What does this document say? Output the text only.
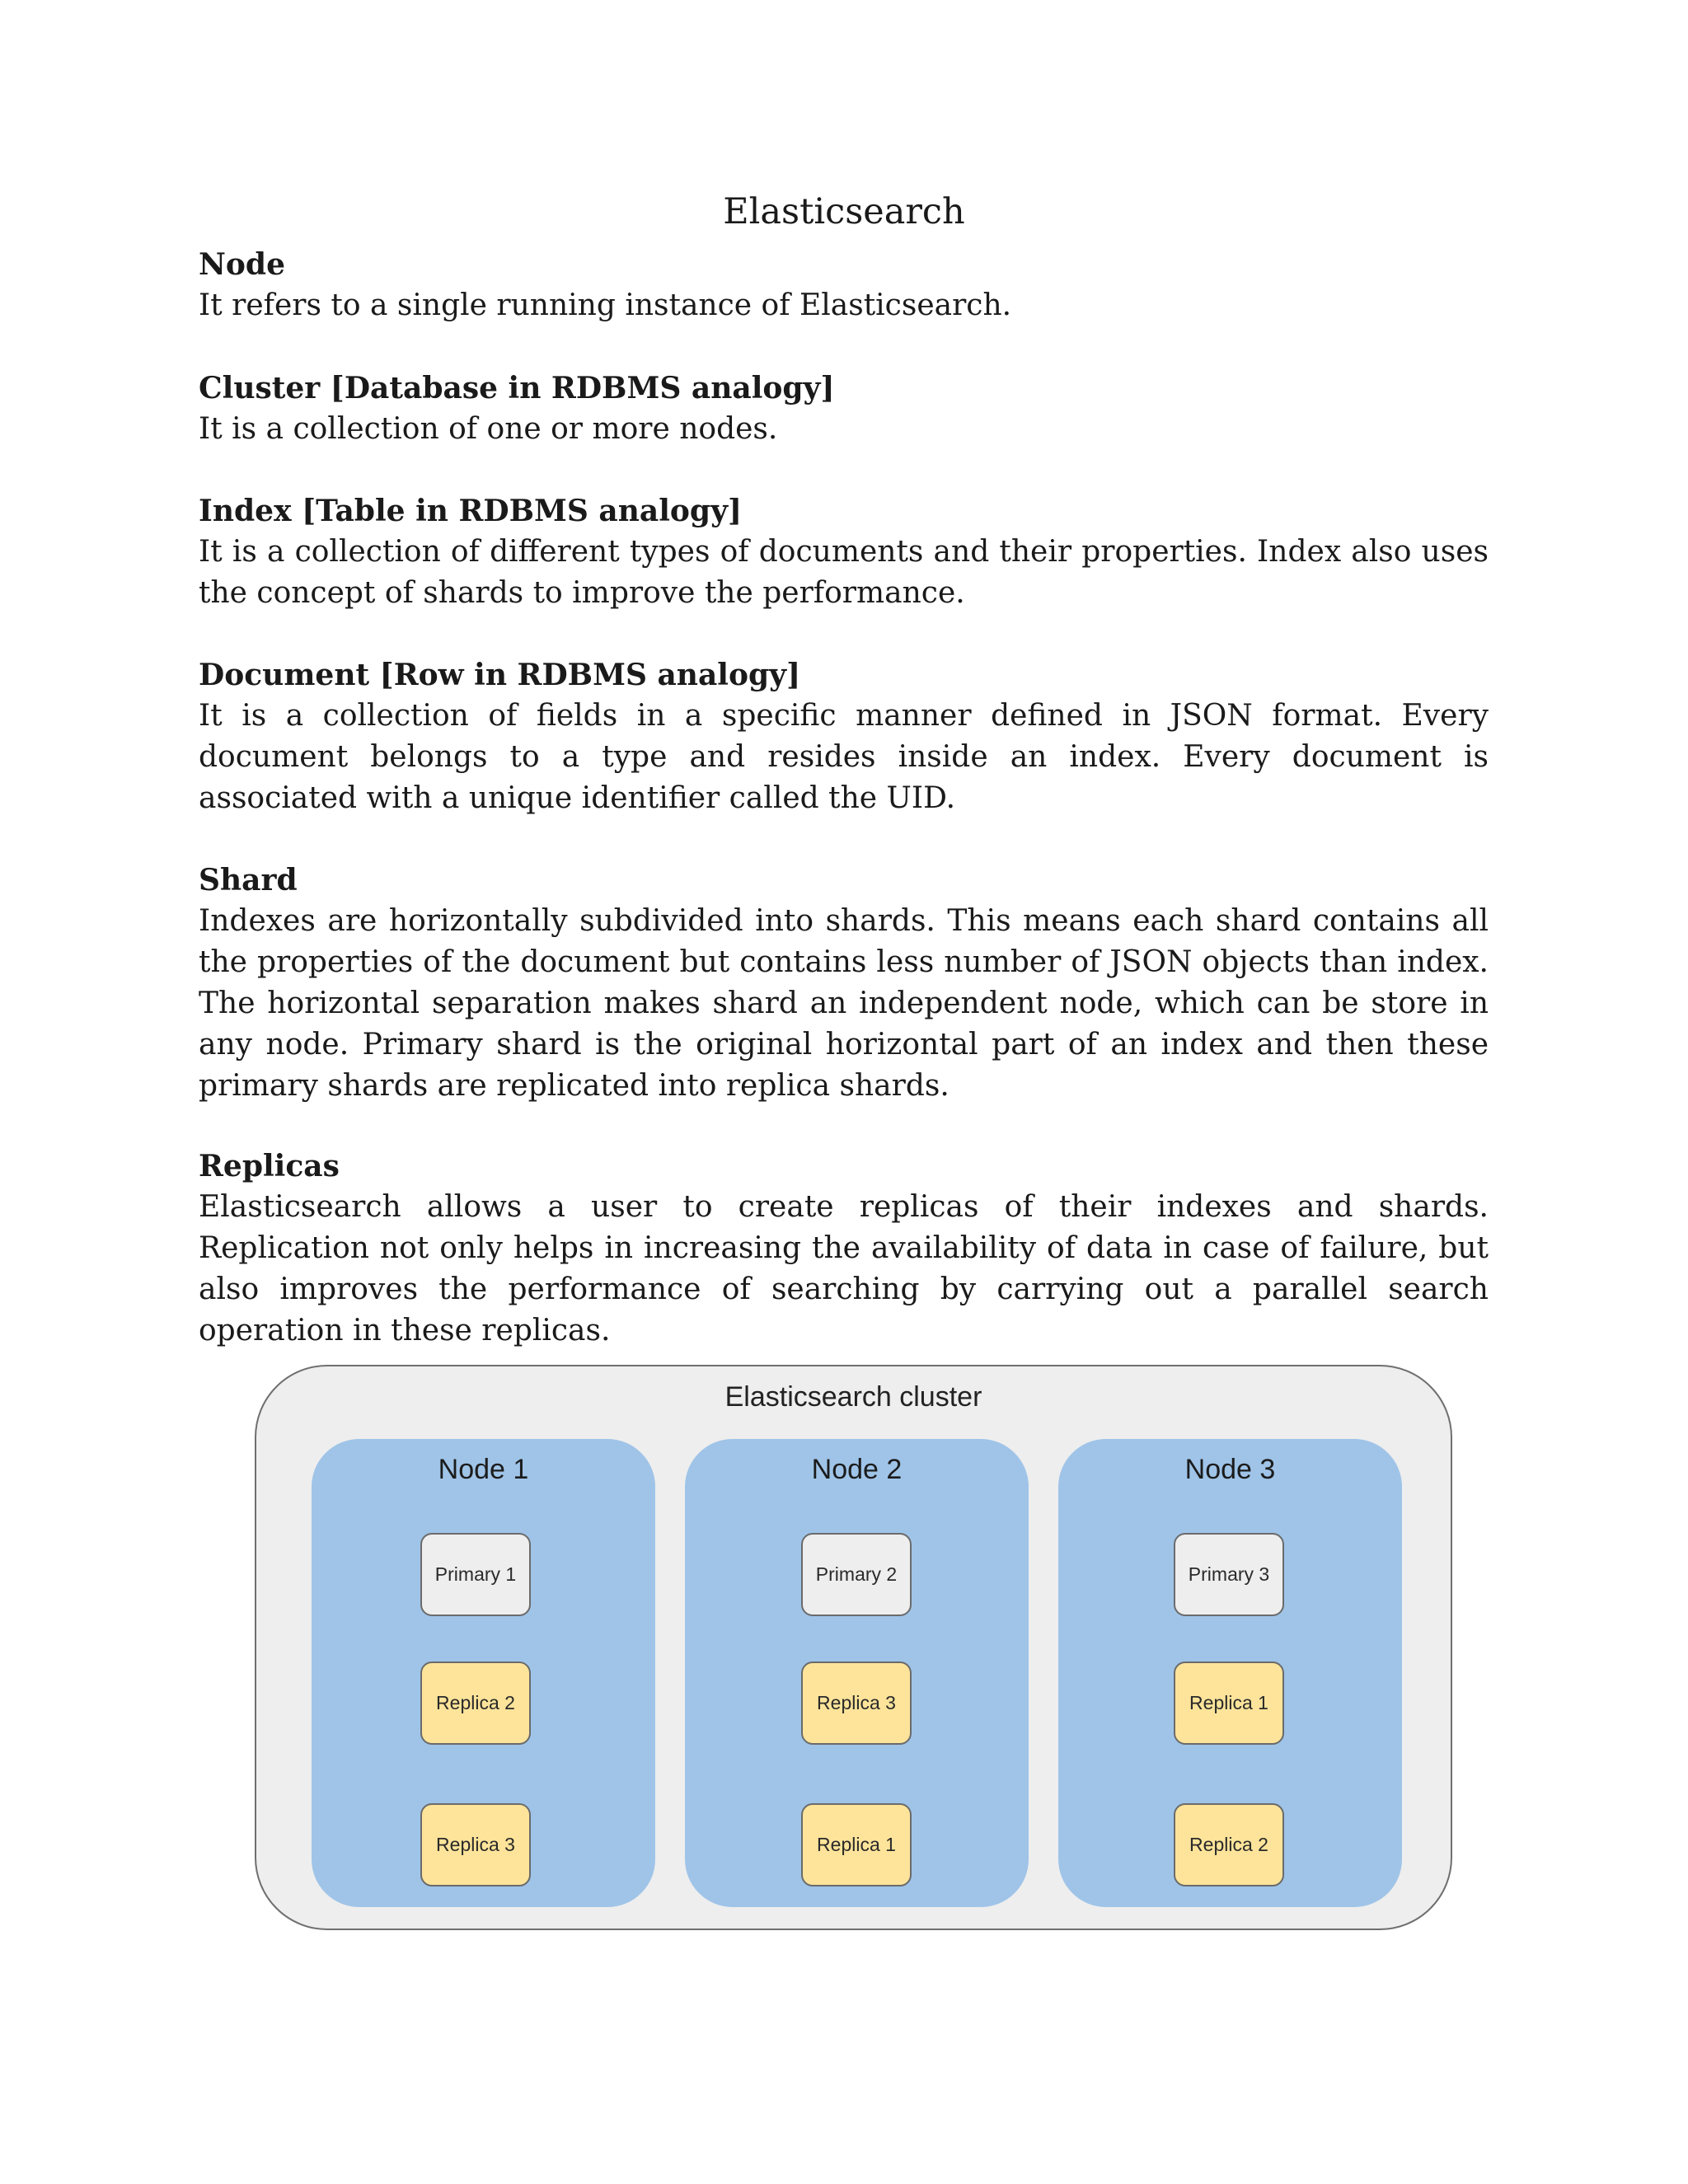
Elasticsearch

Node

It refers to a single running instance of Elasticsearch.

Cluster [Database in RDBMS analogy]

It is a collection of one or more nodes.

Index [Table in RDBMS analogy]

It is a collection of different types of documents and their properties. Index also uses the concept of shards to improve the performance.

Document [Row in RDBMS analogy]

It is a collection of fields in a specific manner defined in JSON format. Every document belongs to a type and resides inside an index. Every document is associated with a unique identifier called the UID.

Shard

Indexes are horizontally subdivided into shards. This means each shard contains all the properties of the document but contains less number of JSON objects than index. The horizontal separation makes shard an independent node, which can be store in any node. Primary shard is the original horizontal part of an index and then these primary shards are replicated into replica shards.

Replicas

Elasticsearch allows a user to create replicas of their indexes and shards. Replication not only helps in increasing the availability of data in case of failure, but also improves the performance of searching by carrying out a parallel search operation in these replicas.

Elasticsearch cluster
Node 1
Primary 1
Replica 2
Replica 3
Node 2
Primary 2
Replica 3
Replica 1
Node 3
Primary 3
Replica 1
Replica 2
